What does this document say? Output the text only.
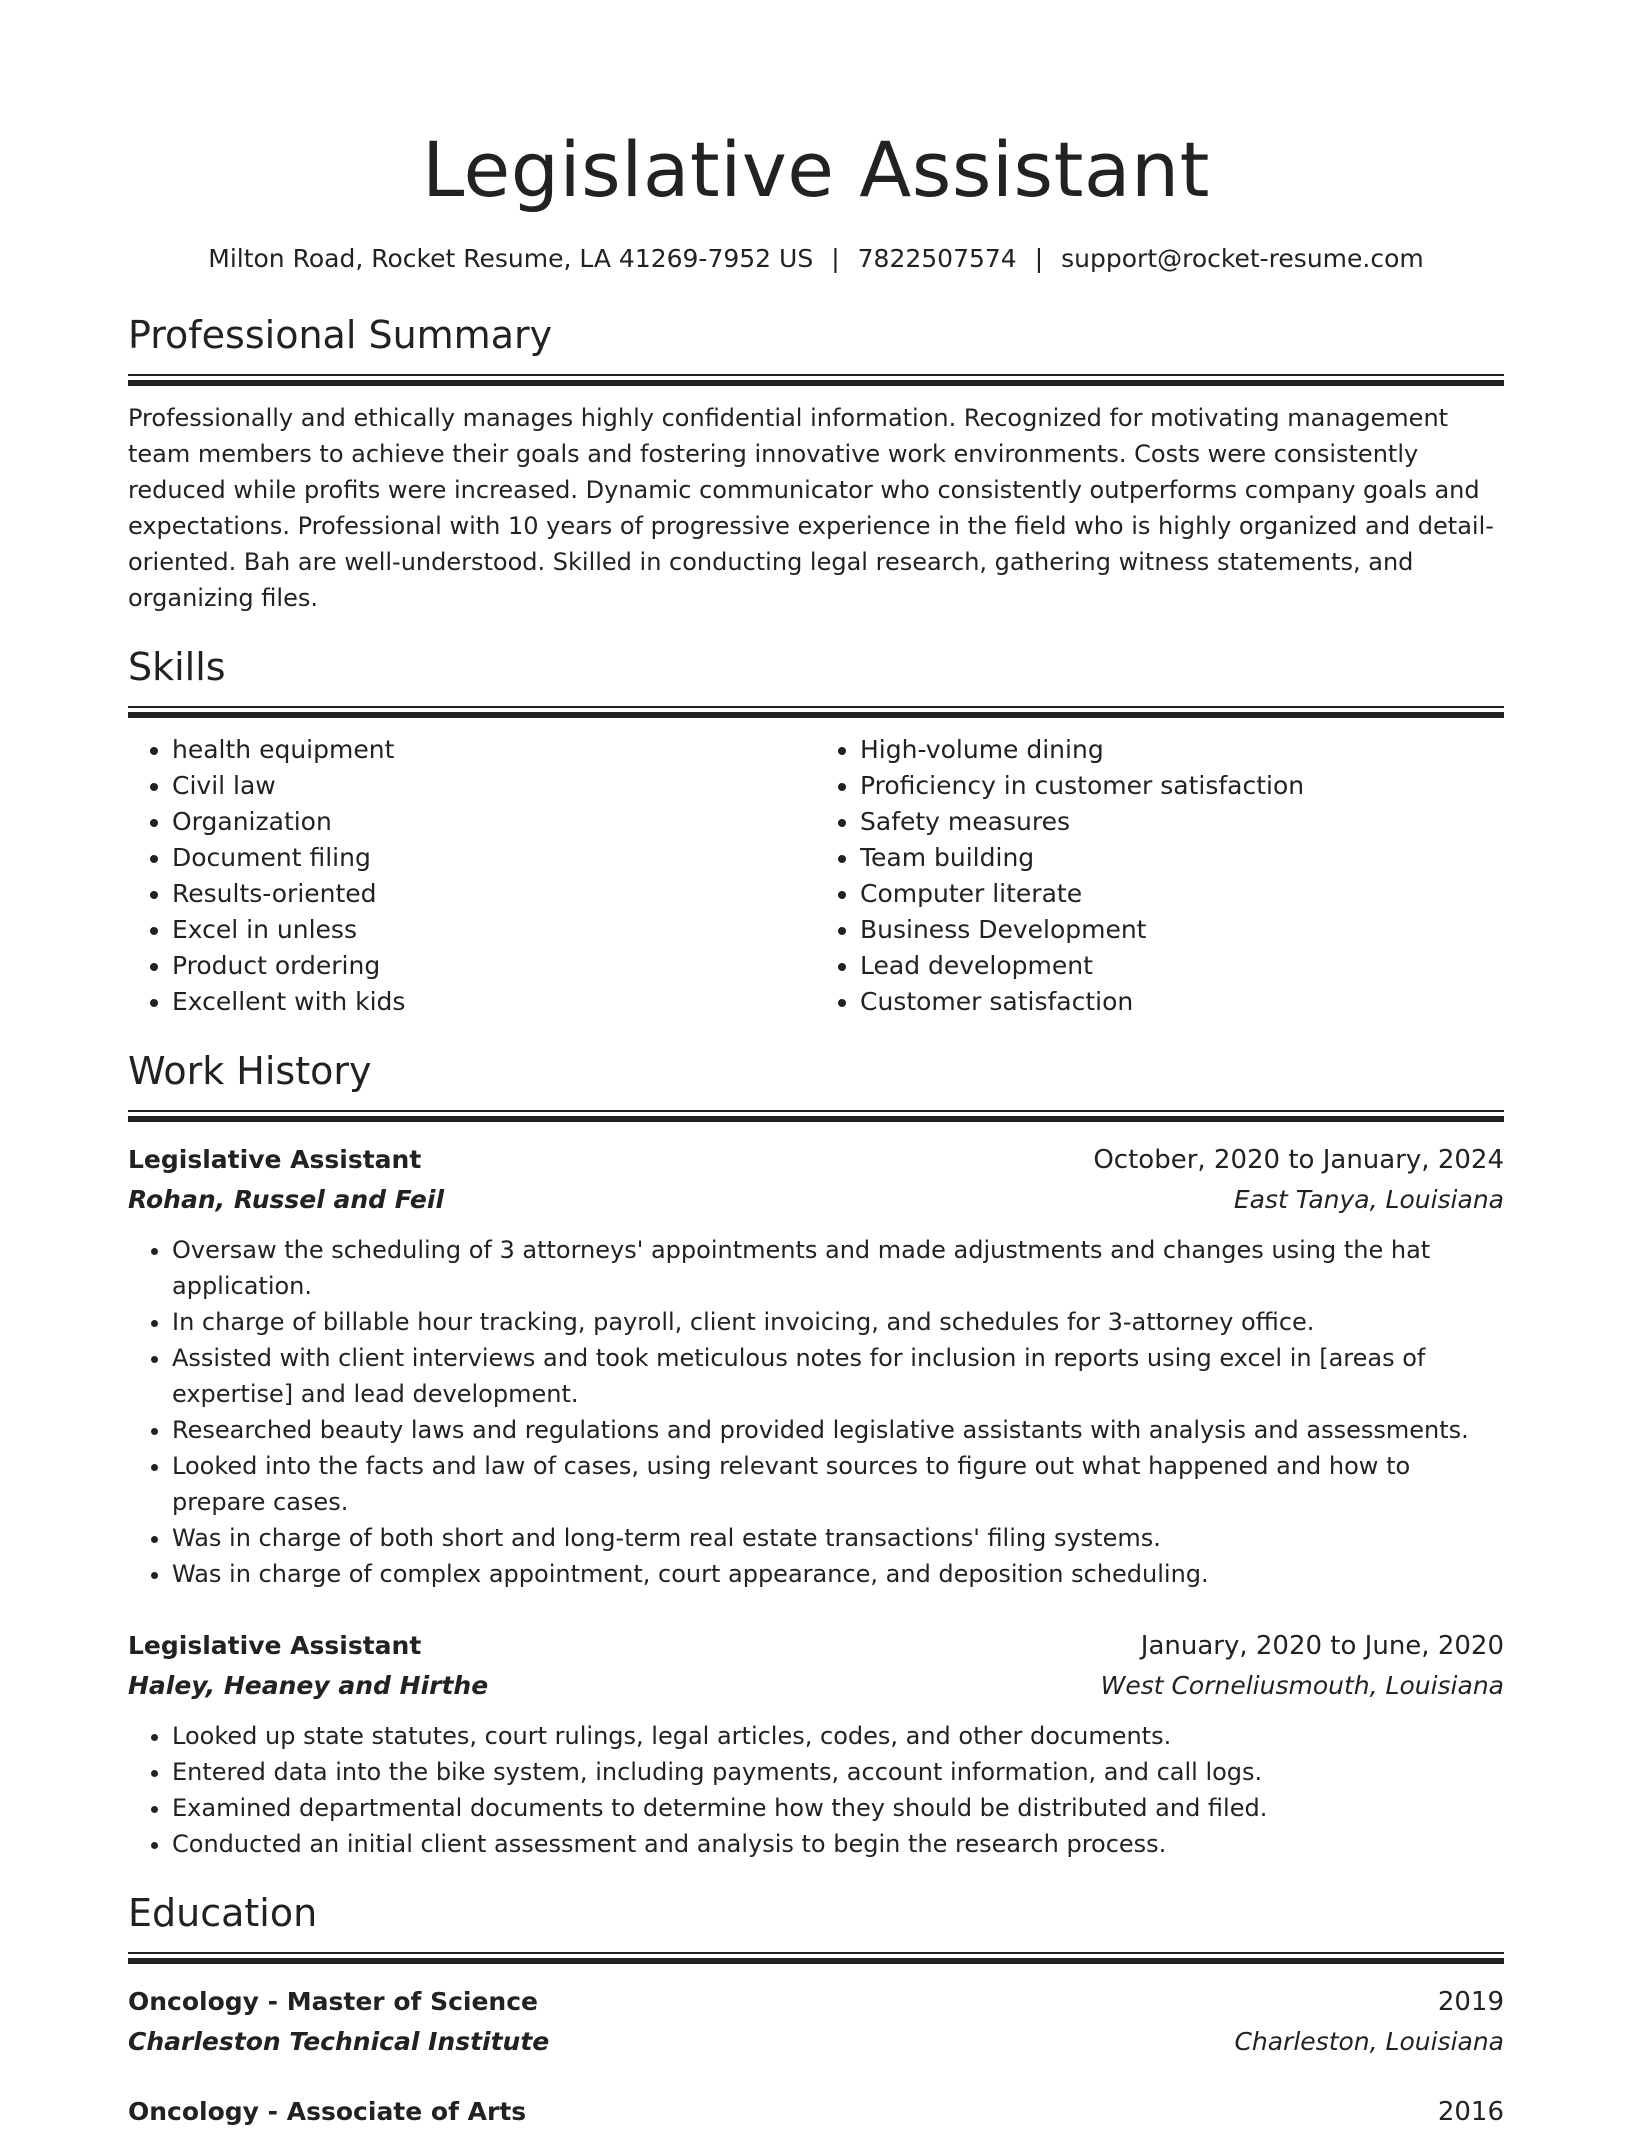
Legislative Assistant
Milton Road, Rocket Resume, LA 41269-7952 US | 7822507574 | support@rocket-resume.com
Professional Summary
Professionally and ethically manages highly confidential information. Recognized for motivating management team members to achieve their goals and fostering innovative work environments. Costs were consistently reduced while profits were increased. Dynamic communicator who consistently outperforms company goals and expectations. Professional with 10 years of progressive experience in the field who is highly organized and detail-oriented. Bah are well-understood. Skilled in conducting legal research, gathering witness statements, and organizing files.
Skills
• health equipment
• Civil law
• Organization
• Document filing
• Results-oriented
• Excel in unless
• Product ordering
• Excellent with kids
• High-volume dining
• Proficiency in customer satisfaction
• Safety measures
• Team building
• Computer literate
• Business Development
• Lead development
• Customer satisfaction
Work History
Legislative Assistant	October, 2020 to January, 2024
Rohan, Russel and Feil	East Tanya, Louisiana
• Oversaw the scheduling of 3 attorneys' appointments and made adjustments and changes using the hat application.
• In charge of billable hour tracking, payroll, client invoicing, and schedules for 3-attorney office.
• Assisted with client interviews and took meticulous notes for inclusion in reports using excel in [areas of expertise] and lead development.
• Researched beauty laws and regulations and provided legislative assistants with analysis and assessments.
• Looked into the facts and law of cases, using relevant sources to figure out what happened and how to prepare cases.
• Was in charge of both short and long-term real estate transactions' filing systems.
• Was in charge of complex appointment, court appearance, and deposition scheduling.
Legislative Assistant	January, 2020 to June, 2020
Haley, Heaney and Hirthe	West Corneliusmouth, Louisiana
• Looked up state statutes, court rulings, legal articles, codes, and other documents.
• Entered data into the bike system, including payments, account information, and call logs.
• Examined departmental documents to determine how they should be distributed and filed.
• Conducted an initial client assessment and analysis to begin the research process.
Education
Oncology - Master of Science	2019
Charleston Technical Institute	Charleston, Louisiana
Oncology - Associate of Arts	2016
